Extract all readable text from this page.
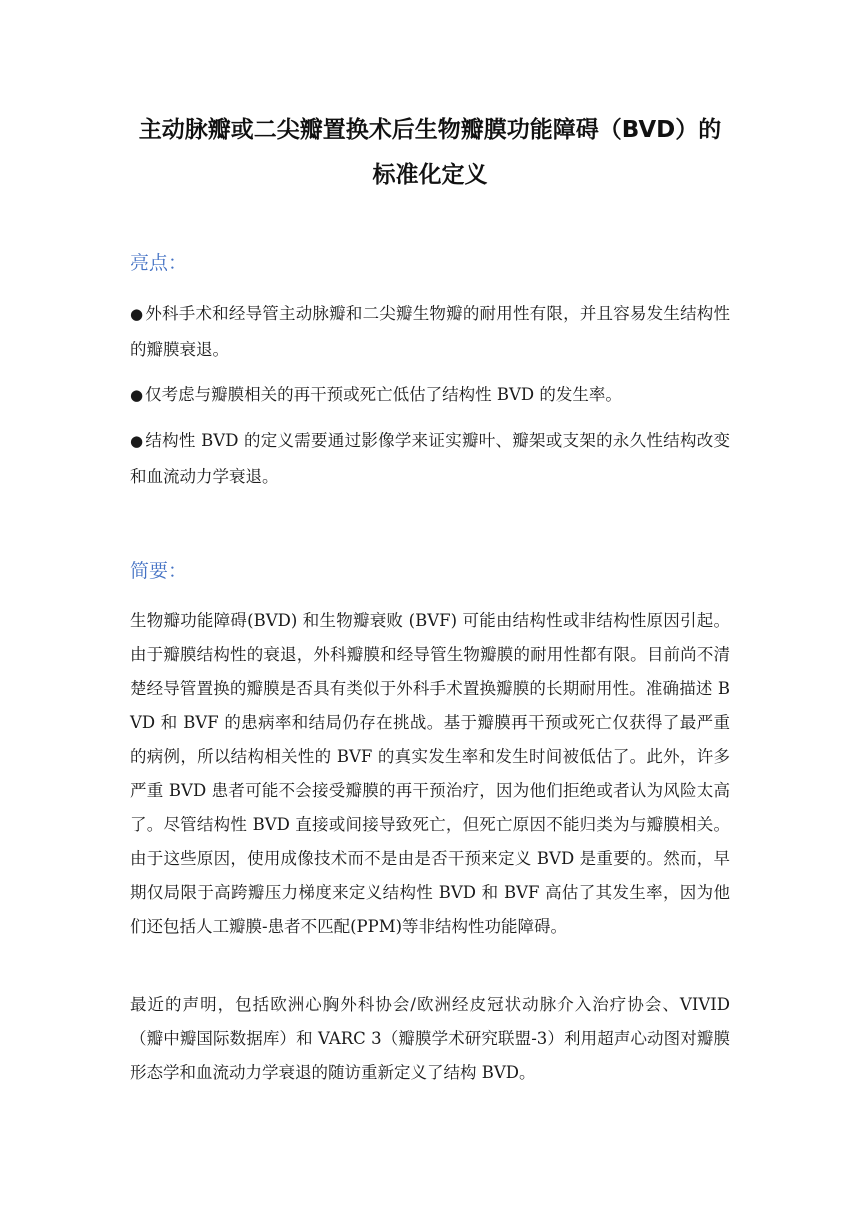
主动脉瓣或二尖瓣置换术后生物瓣膜功能障碍（BVD）的标准化定义
亮点：

● 外科手术和经导管主动脉瓣和二尖瓣生物瓣的耐用性有限，并且容易发生结构性的瓣膜衰退。

● 仅考虑与瓣膜相关的再干预或死亡低估了结构性 BVD 的发生率。

● 结构性 BVD 的定义需要通过影像学来证实瓣叶、瓣架或支架的永久性结构改变和血流动力学衰退。

简要：

生物瓣功能障碍(BVD) 和生物瓣衰败 (BVF) 可能由结构性或非结构性原因引起。由于瓣膜结构性的衰退，外科瓣膜和经导管生物瓣膜的耐用性都有限。目前尚不清楚经导管置换的瓣膜是否具有类似于外科手术置换瓣膜的长期耐用性。准确描述 BVD 和 BVF 的患病率和结局仍存在挑战。基于瓣膜再干预或死亡仅获得了最严重的病例，所以结构相关性的 BVF 的真实发生率和发生时间被低估了。此外，许多严重 BVD 患者可能不会接受瓣膜的再干预治疗，因为他们拒绝或者认为风险太高了。尽管结构性 BVD 直接或间接导致死亡，但死亡原因不能归类为与瓣膜相关。由于这些原因，使用成像技术而不是由是否干预来定义 BVD 是重要的。然而，早期仅局限于高跨瓣压力梯度来定义结构性 BVD 和 BVF 高估了其发生率，因为他们还包括人工瓣膜-患者不匹配(PPM)等非结构性功能障碍。

最近的声明，包括欧洲心胸外科协会/欧洲经皮冠状动脉介入治疗协会、VIVID（瓣中瓣国际数据库）和 VARC 3（瓣膜学术研究联盟-3）利用超声心动图对瓣膜形态学和血流动力学衰退的随访重新定义了结构 BVD。
